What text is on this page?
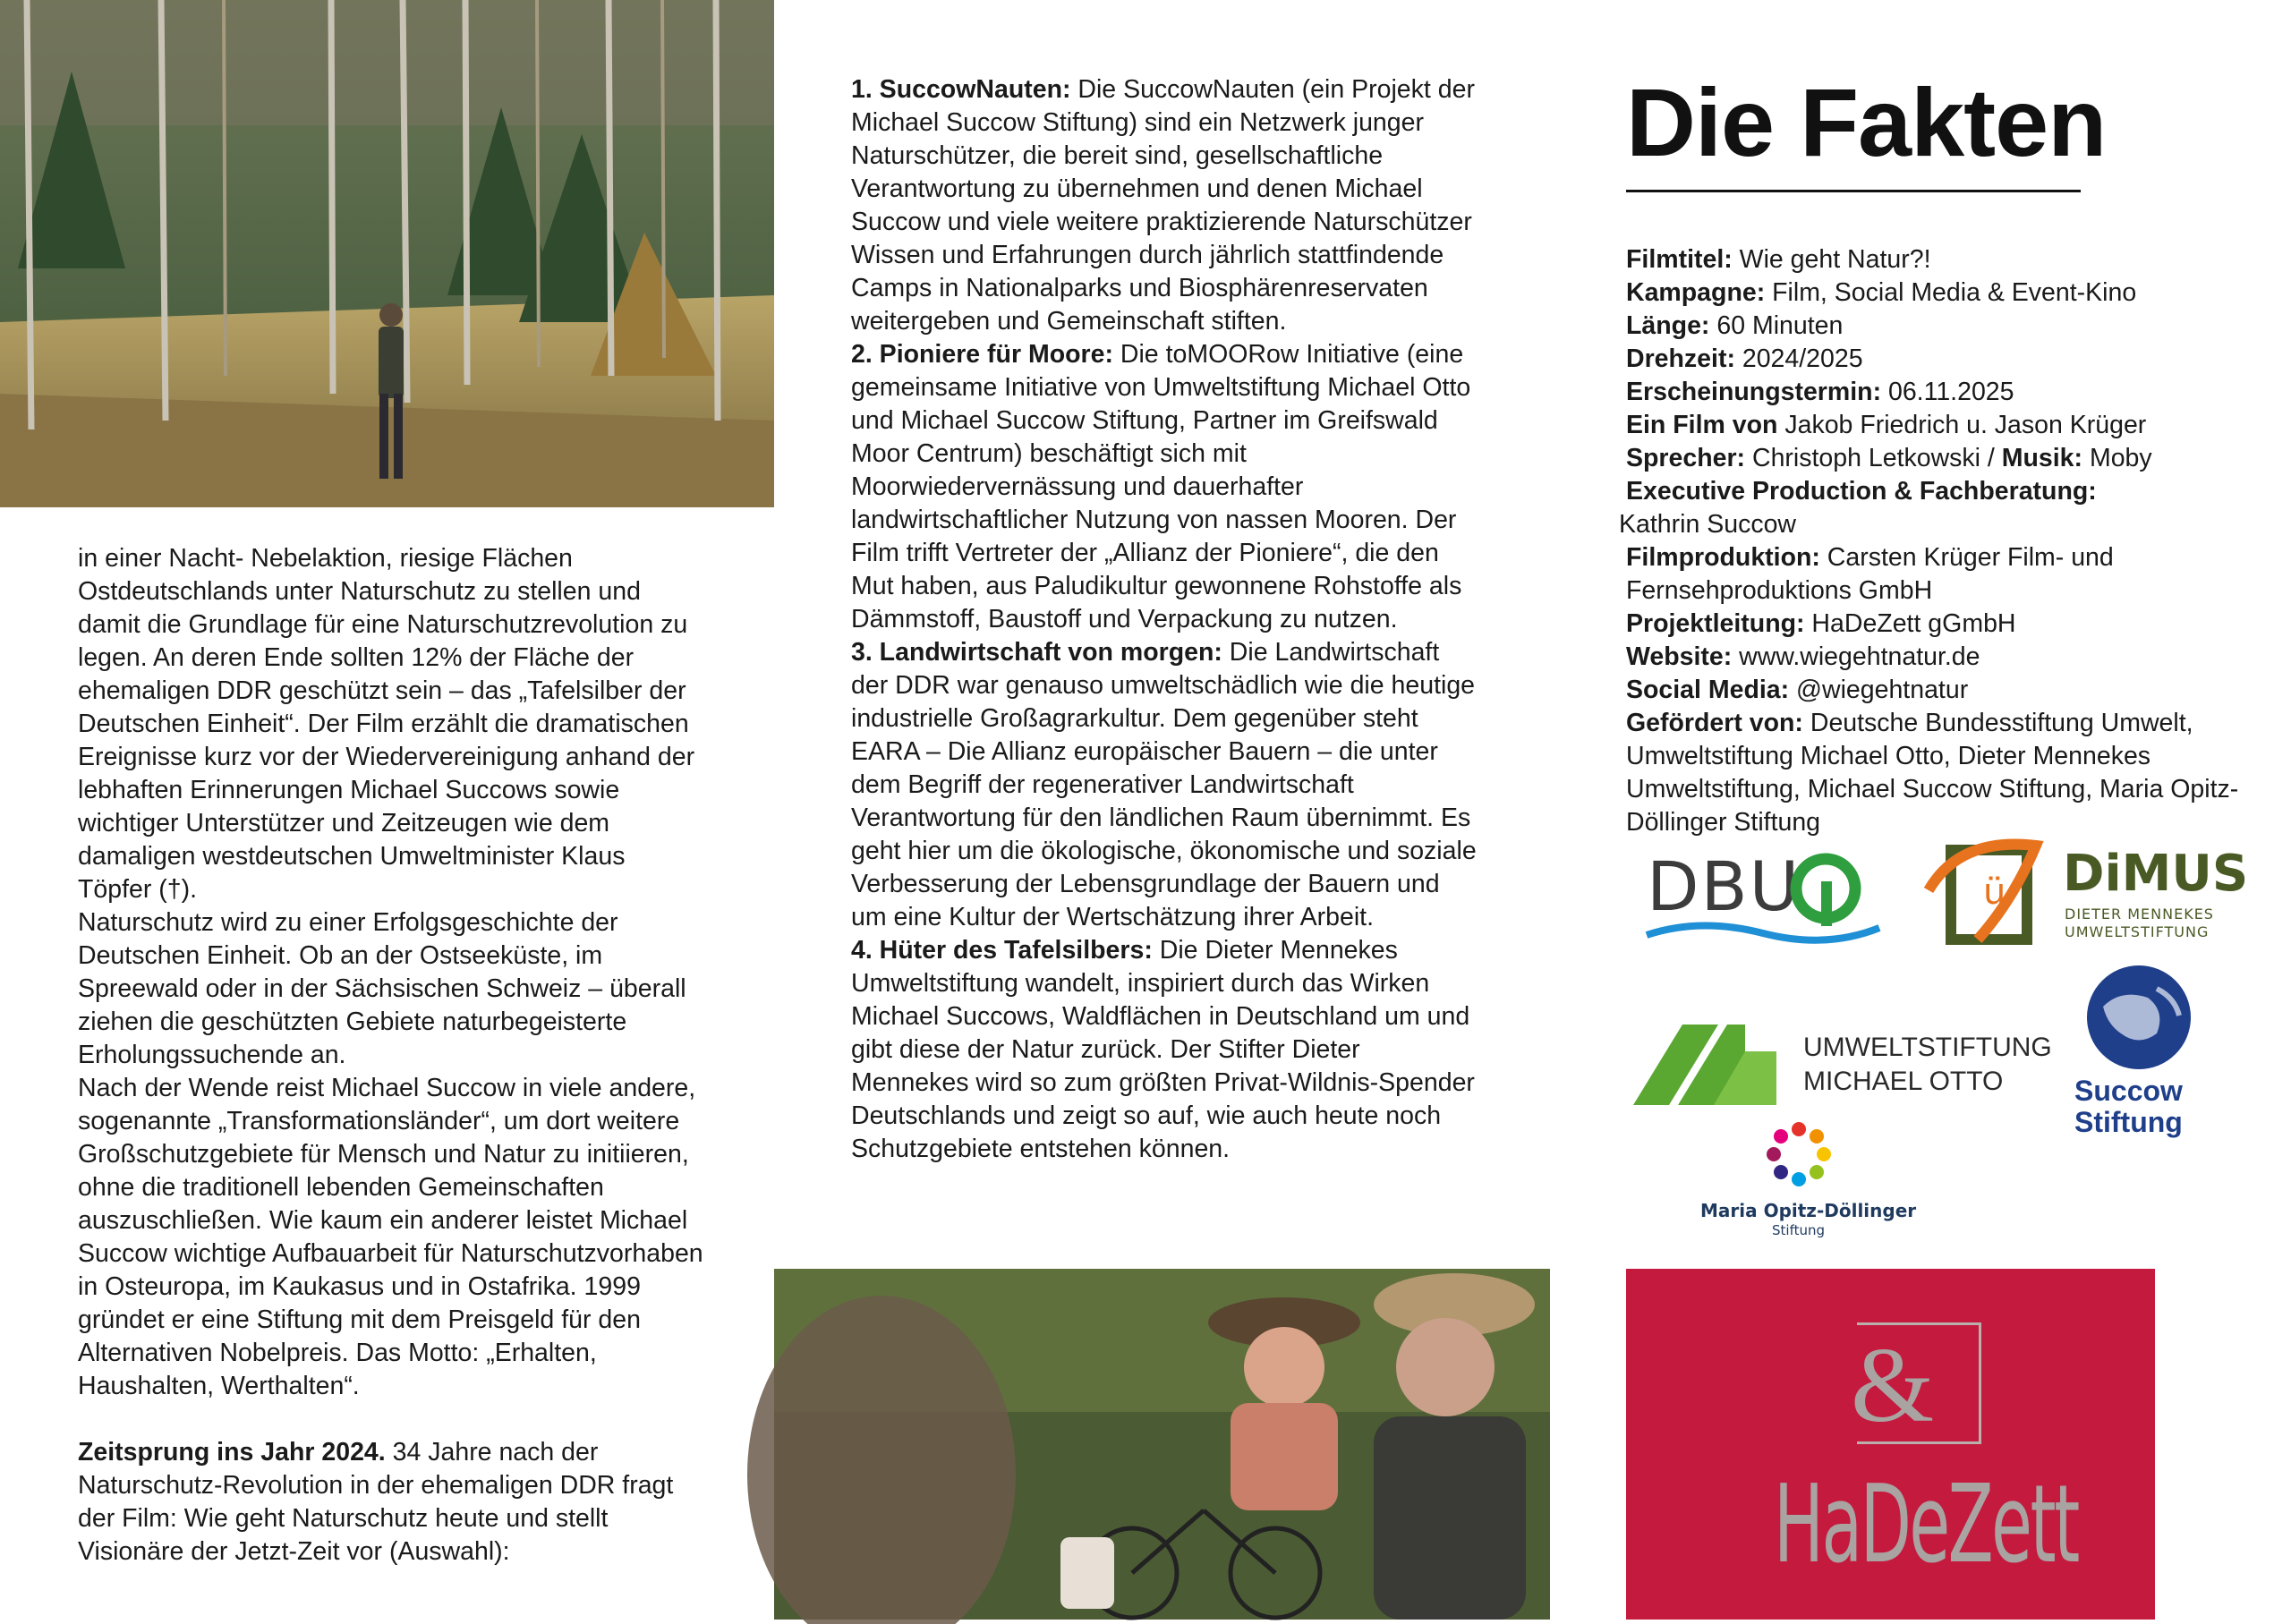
in einer Nacht- Nebelaktion, riesige Flächen Ostdeutschlands unter Naturschutz zu stellen und damit die Grundlage für eine Naturschutzrevolution zu legen. An deren Ende sollten 12% der Fläche der ehemaligen DDR geschützt sein – das „Tafelsilber der Deutschen Einheit“. Der Film erzählt die dramatischen Ereignisse kurz vor der Wiedervereinigung anhand der lebhaften Erinnerungen Michael Succows sowie wichtiger Unterstützer und Zeitzeugen wie dem damaligen westdeutschen Umweltminister Klaus Töpfer (†).

Naturschutz wird zu einer Erfolgsgeschichte der Deutschen Einheit. Ob an der Ostseeküste, im Spreewald oder in der Sächsischen Schweiz – überall ziehen die geschützten Gebiete naturbegeisterte Erholungssuchende an.

Nach der Wende reist Michael Succow in viele andere, sogenannte „Transformationsländer“, um dort weitere Großschutzgebiete für Mensch und Natur zu initiieren, ohne die traditionell lebenden Gemeinschaften auszuschließen. Wie kaum ein anderer leistet Michael Succow wichtige Aufbauarbeit für Naturschutzvorhaben in Osteuropa, im Kaukasus und in Ostafrika. 1999 gründet er eine Stiftung mit dem Preisgeld für den Alternativen Nobelpreis. Das Motto: „Erhalten, Haushalten, Werthalten“.

Zeitsprung ins Jahr 2024. 34 Jahre nach der Naturschutz-Revolution in der ehemaligen DDR fragt der Film: Wie geht Naturschutz heute und stellt Visionäre der Jetzt-Zeit vor (Auswahl):

1. SuccowNauten: Die SuccowNauten (ein Projekt der Michael Succow Stiftung) sind ein Netzwerk junger Naturschützer, die bereit sind, gesellschaftliche Verantwortung zu übernehmen und denen Michael Succow und viele weitere praktizierende Naturschützer Wissen und Erfahrungen durch jährlich stattfindende Camps in Nationalparks und Biosphärenreservaten weitergeben und Gemeinschaft stiften.

2. Pioniere für Moore: Die toMOORow Initiative (eine gemeinsame Initiative von Umweltstiftung Michael Otto und Michael Succow Stiftung, Partner im Greifswald Moor Centrum) beschäftigt sich mit Moorwiedervernässung und dauerhafter landwirtschaftlicher Nutzung von nassen Mooren. Der Film trifft Vertreter der „Allianz der Pioniere“, die den Mut haben, aus Paludikultur gewonnene Rohstoffe als Dämmstoff, Baustoff und Verpackung zu nutzen.

3. Landwirtschaft von morgen: Die Landwirtschaft der DDR war genauso umweltschädlich wie die heutige industrielle Großagrarkultur. Dem gegenüber steht EARA – Die Allianz europäischer Bauern – die unter dem Begriff der regenerativer Landwirtschaft Verantwortung für den ländlichen Raum übernimmt. Es geht hier um die ökologische, ökonomische und soziale Verbesserung der Lebensgrundlage der Bauern und um eine Kultur der Wertschätzung ihrer Arbeit.

4. Hüter des Tafelsilbers: Die Dieter Mennekes Umweltstiftung wandelt, inspiriert durch das Wirken Michael Succows, Waldflächen in Deutschland um und gibt diese der Natur zurück. Der Stifter Dieter Mennekes wird so zum größten Privat-Wildnis-Spender Deutschlands und zeigt so auf, wie auch heute noch Schutzgebiete entstehen können.

Die Fakten

Filmtitel: Wie geht Natur?!

Kampagne: Film, Social Media & Event-Kino

Länge: 60 Minuten

Drehzeit: 2024/2025

Erscheinungstermin: 06.11.2025

Ein Film von Jakob Friedrich u. Jason Krüger

Sprecher: Christoph Letkowski / Musik: Moby

Executive Production & Fachberatung:
Kathrin Succow

Filmproduktion: Carsten Krüger Film- und Fernsehproduktions GmbH

Projektleitung: HaDeZett gGmbH

Website: www.wiegehtnatur.de

Social Media: @wiegehtnatur

Gefördert von: Deutsche Bundesstiftung Umwelt, Umweltstiftung Michael Otto, Dieter Mennekes Umweltstiftung, Michael Succow Stiftung, Maria Opitz-Döllinger Stiftung

DBU	ü DiMUS
DIETER MENNEKES
UMWELTSTIFTUNG
UMWELTSTIFTUNG
MICHAEL OTTO Succow
Stiftung
Maria Opitz-Döllinger
Stiftung
&
HaDeZett
